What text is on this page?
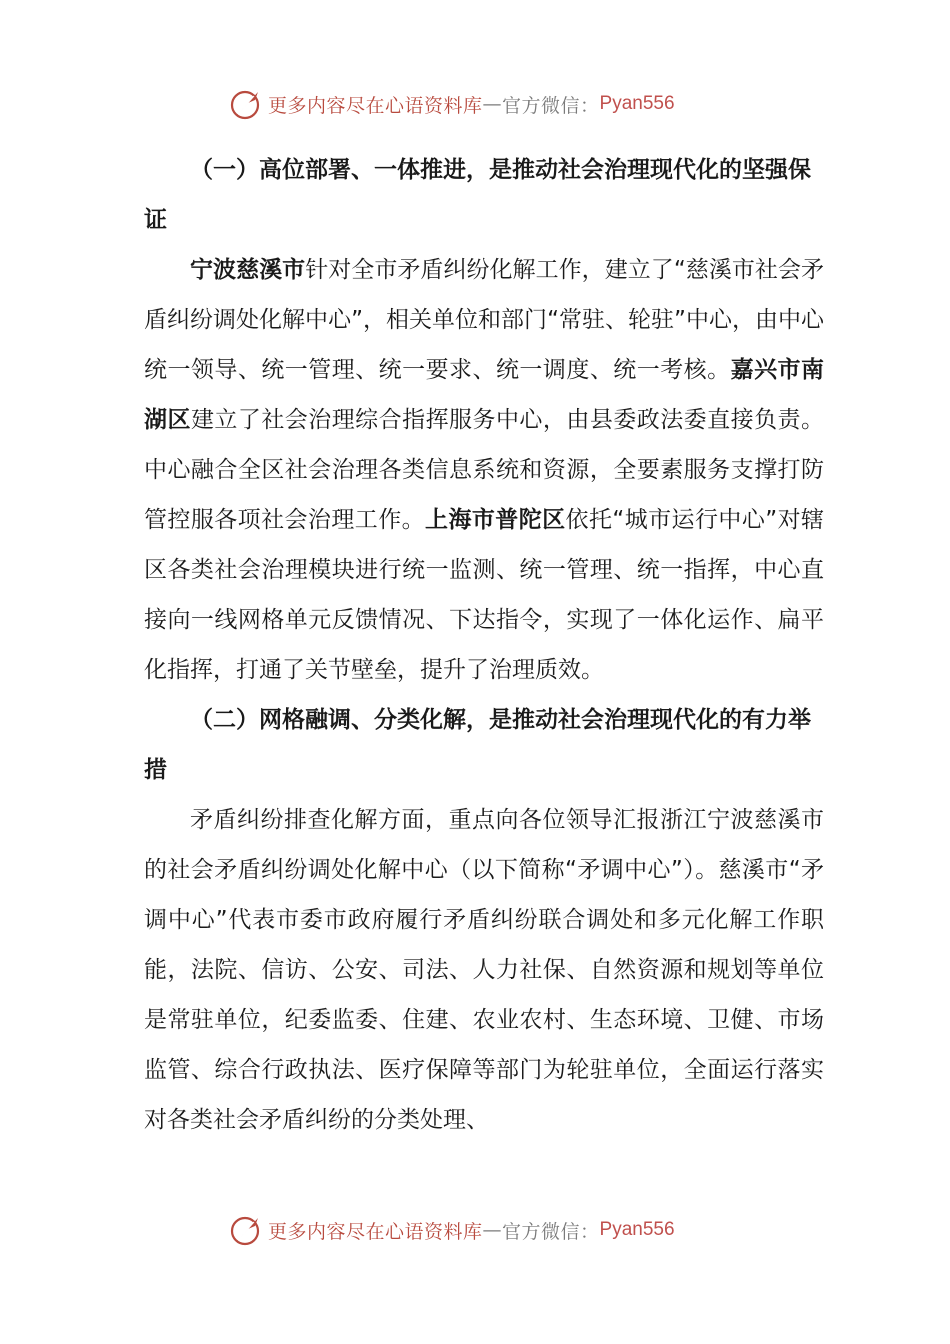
更多内容尽在心语资料库 — 官方微信： Pyan556

（一）高位部署、一体推进，是推动社会治理现代化的坚强保证

宁波慈溪市针对全市矛盾纠纷化解工作，建立了“慈溪市社会矛盾纠纷调处化解中心”，相关单位和部门“常驻、轮驻”中心，由中心统一领导、统一管理、统一要求、统一调度、统一考核。嘉兴市南湖区建立了社会治理综合指挥服务中心，由县委政法委直接负责。中心融合全区社会治理各类信息系统和资源，全要素服务支撑打防管控服各项社会治理工作。上海市普陀区依托“城市运行中心”对辖区各类社会治理模块进行统一监测、统一管理、统一指挥，中心直接向一线网格单元反馈情况、下达指令，实现了一体化运作、扁平化指挥，打通了关节壁垒，提升了治理质效。

（二）网格融调、分类化解，是推动社会治理现代化的有力举措

矛盾纠纷排查化解方面，重点向各位领导汇报浙江宁波慈溪市的社会矛盾纠纷调处化解中心（以下简称“矛调中心”）。慈溪市“矛调中心”代表市委市政府履行矛盾纠纷联合调处和多元化解工作职能，法院、信访、公安、司法、人力社保、自然资源和规划等单位是常驻单位，纪委监委、住建、农业农村、生态环境、卫健、市场监管、综合行政执法、医疗保障等部门为轮驻单位，全面运行落实对各类社会矛盾纠纷的分类处理、

更多内容尽在心语资料库 — 官方微信： Pyan556
